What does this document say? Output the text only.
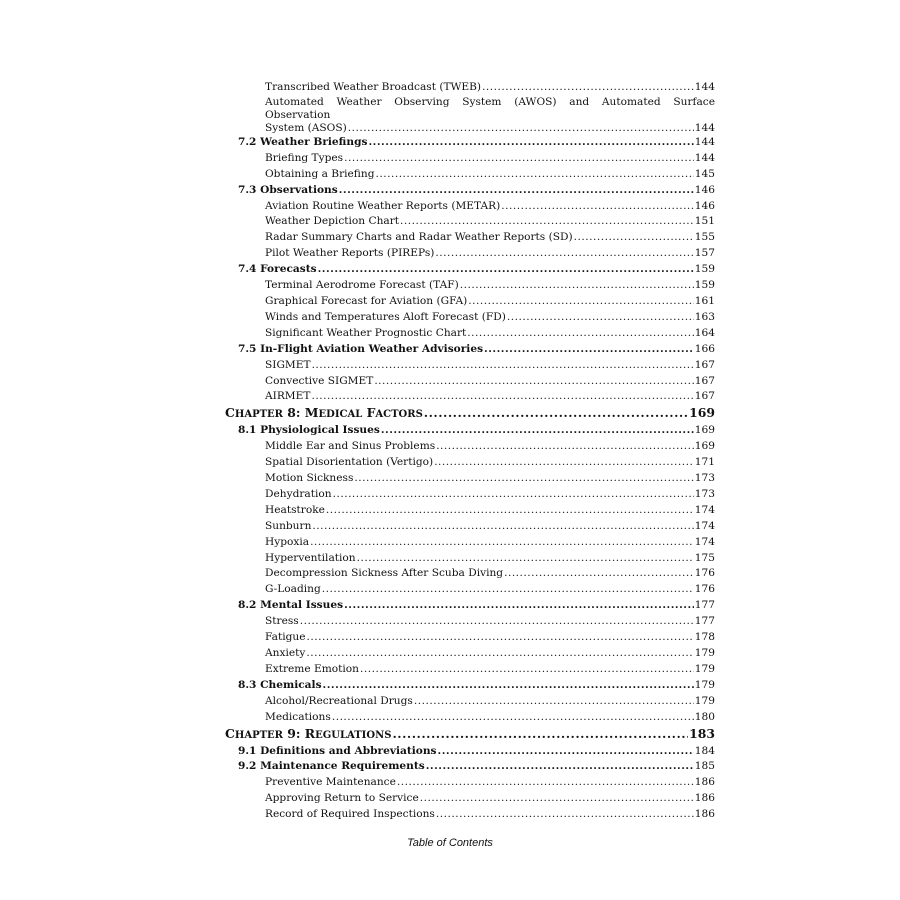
Transcribed Weather Broadcast (TWEB) .....	144
Automated Weather Observing System (AWOS) and Automated Surface Observation
System (ASOS) .....	144
7.2 Weather Briefings .....	144
Briefing Types .....	144
Obtaining a Briefing .....	145
7.3 Observations .....	146
Aviation Routine Weather Reports (METAR) .....	146
Weather Depiction Chart .....	151
Radar Summary Charts and Radar Weather Reports (SD) .....	155
Pilot Weather Reports (PIREPs) .....	157
7.4 Forecasts .....	159
Terminal Aerodrome Forecast (TAF) .....	159
Graphical Forecast for Aviation (GFA) .....	161
Winds and Temperatures Aloft Forecast (FD) .....	163
Significant Weather Prognostic Chart .....	164
7.5 In-Flight Aviation Weather Advisories .....	166
SIGMET .....	167
Convective SIGMET .....	167
AIRMET .....	167
CHAPTER 8: MEDICAL FACTORS .....	169
8.1 Physiological Issues .....	169
Middle Ear and Sinus Problems .....	169
Spatial Disorientation (Vertigo) .....	171
Motion Sickness .....	173
Dehydration .....	173
Heatstroke .....	174
Sunburn .....	174
Hypoxia .....	174
Hyperventilation .....	175
Decompression Sickness After Scuba Diving .....	176
G-Loading .....	176
8.2 Mental Issues .....	177
Stress .....	177
Fatigue .....	178
Anxiety .....	179
Extreme Emotion .....	179
8.3 Chemicals .....	179
Alcohol/Recreational Drugs .....	179
Medications .....	180
CHAPTER 9: REGULATIONS .....	183
9.1 Definitions and Abbreviations .....	184
9.2 Maintenance Requirements .....	185
Preventive Maintenance .....	186
Approving Return to Service .....	186
Record of Required Inspections .....	186
Table of Contents
